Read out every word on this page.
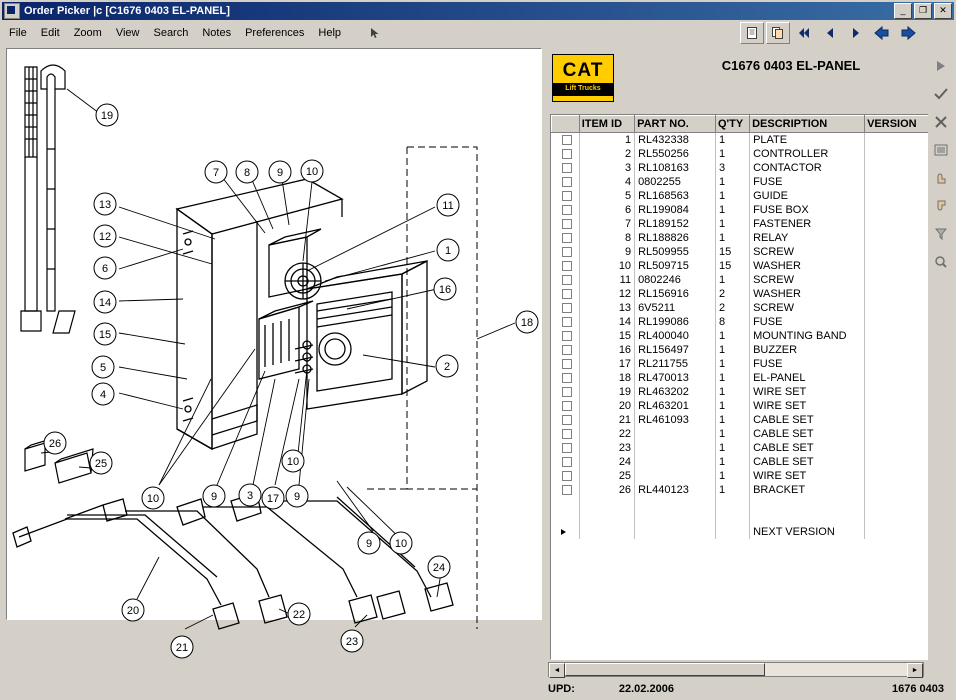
Order Picker |c [C1676 0403 EL-PANEL]	_	❐	✕
File	Edit	Zoom	View	Search	Notes	Preferences	Help
19
13
12
6
14
15
5
4
7 8 9 10
11
1
16
2
18
10	9	3 17 9
10
9 10
26
25
20
21
22
23
24
CAT
Lift Trucks
C1676 0403 EL-PANEL
	ITEM ID	PART NO.	Q'TY	DESCRIPTION	VERSION
	1	RL432338	1	PLATE	
	2	RL550256	1	CONTROLLER	
	3	RL108163	3	CONTACTOR	
	4	0802255	1	FUSE	
	5	RL168563	1	GUIDE	
	6	RL199084	1	FUSE BOX	
	7	RL189152	1	FASTENER	
	8	RL188826	1	RELAY	
	9	RL509955	15	SCREW	
	10	RL509715	15	WASHER	
	11	0802246	1	SCREW	
	12	RL156916	2	WASHER	
	13	6V5211	2	SCREW	
	14	RL199086	8	FUSE	
	15	RL400040	1	MOUNTING BAND	
	16	RL156497	1	BUZZER	
	17	RL211755	1	FUSE	
	18	RL470013	1	EL-PANEL	
	19	RL463202	1	WIRE SET	
	20	RL463201	1	WIRE SET	
	21	RL461093	1	CABLE SET	
	22		1	CABLE SET	
	23		1	CABLE SET	
	24		1	CABLE SET	
	25		1	WIRE SET	
	26	RL440123	1	BRACKET	

				NEXT VERSION	
◄	►
UPD:	22.02.2006	1676 0403
